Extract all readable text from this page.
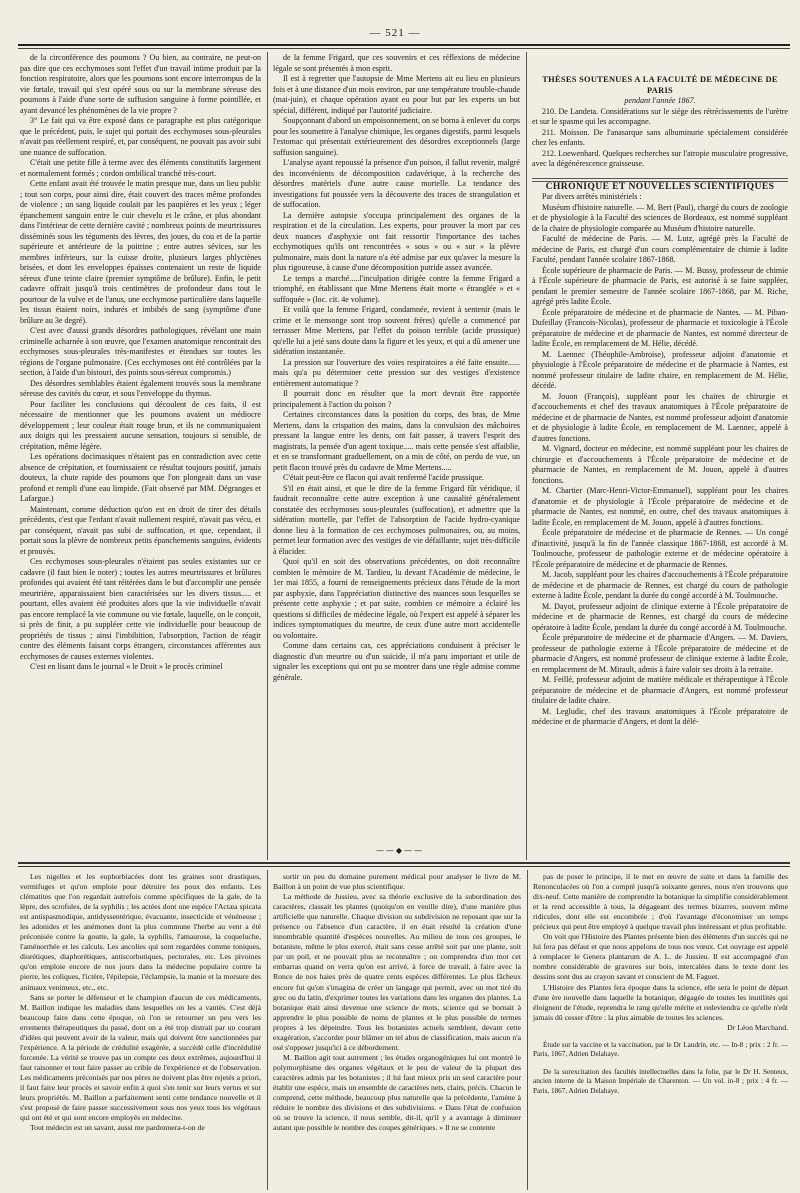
— 521 —

de la circonférence des poumons ? Ou bien, au contraire, ne peut-on pas dire que ces ecchymoses sont l'effet d'un travail intime produit par la fonction respiratoire, alors que les poumons sont encore interrompus de la vie fœtale, travail qui s'est opéré sous ou sur la membrane séreuse des poumons à l'aide d'une sorte de suffusion sanguine à forme pointillée, et ayant devancé les phénomènes de la vie propre ?

3° Le fait qui va être exposé dans ce paragraphe est plus catégorique que le précédent, puis, le sujet qui portait des ecchymoses sous-pleurales n'avait pas réellement respiré, et, par conséquent, ne pouvait pas avoir subi une nuance de suffocation.

C'était une petite fille à terme avec des éléments constitutifs largement et normalement formés ; cordon ombilical tranché très-court.

Cette enfant avait été trouvée le matin presque nue, dans un lieu public ; tout son corps, pour ainsi dire, était couvert des traces même profondes de violence ; un sang liquide coulait par les paupières et les yeux ; léger épanchement sanguin entre le cuir chevelu et le crâne, et plus abondant dans l'intérieur de cette dernière cavité ; nombreux points de meurtrissures disséminés sous les téguments des lèvres, des joues, du cou et de la partie supérieure et antérieure de la poitrine ; entre autres sévices, sur les membres inférieurs, sur la cuisse droite, plusieurs larges phlyctènes brisées, et dont les enveloppes épaisses contenaient un reste de liquide séreux d'une teinte claire (premier symptôme de brûlure). Enfin, le petit cadavre offrait jusqu'à trois centimètres de profondeur dans tout le pourtour de la vulve et de l'anus, une ecchymose particulière dans laquelle les tissus étaient noirs, indurés et imbibés de sang (symptôme d'une brûlure au 3e degré).

C'est avec d'aussi grands désordres pathologiques, révélant une main criminelle acharnée à son œuvre, que l'examen anatomique rencontrait des ecchymoses sous-pleurales très-manifestes et étendues sur toutes les régions de l'organe pulmonaire. (Ces ecchymoses ont été contrôlées par la section, à l'aide d'un bistouri, des points sous-séreux compromis.)

Des désordres semblables étaient également trouvés sous la membrane séreuse des cavités du cœur, et sous l'enveloppe du thymus.

Pour faciliter les conclusions qui découlent de ces faits, il est nécessaire de mentionner que les poumons avaient un médiocre développement ; leur couleur était rouge brun, et ils ne communiquaient aux doigts qui les pressaient aucune sensation, toujours si sensible, de crépitation, même légère.

Les opérations docimasiques n'étaient pas en contradiction avec cette absence de crépitation, et fournissaient ce résultat toujours positif, jamais douteux, la chute rapide des poumons que l'on plongeait dans un vase profond et rempli d'une eau limpide. (Fait observé par MM. Dégranges et Lafargue.)

Maintenant, comme déduction qu'on est en droit de tirer des détails précédents, c'est que l'enfant n'avait nullement respiré, n'avait pas vécu, et par conséquent, n'avait pas subi de suffocation, et que, cependant, il portait sous la plèvre de nombreux petits épanchements sanguins, évidents et prouvés.

Ces ecchymoses sous-pleurales n'étaient pas seules existantes sur ce cadavre (il faut bien le noter) ; toutes les autres meurtrissures et brûlures profondes qui avaient été tant réitérées dans le but d'accomplir une pensée meurtrière, apparaissaient bien caractérisées sur les divers tissus..... et pourtant, elles avaient été produites alors que la vie individuelle n'avait pas encore remplacé la vie commune ou vie fœtale, laquelle, on le conçoit, si près de finir, a pu suppléer cette vie individuelle pour beaucoup de propriétés de tissus ; ainsi l'imbibition, l'absorption, l'action de réagir contre des éléments faisant corps étrangers, circonstances afférentes aux ecchymoses de causes externes violentes.

C'est en lisant dans le journal « le Droit » le procès criminel

de la femme Frigard, que ces souvenirs et ces réflexions de médecine légale se sont présentés à mon esprit.

Il est à regretter que l'autopsie de Mme Mertens ait eu lieu en plusieurs fois et à une distance d'un mois environ, par une température trouble-chaude (mai-juin), et chaque opération ayant eu pour but par les experts un but spécial, différent, indiqué par l'autorité judiciaire.

Soupçonnant d'abord un empoisonnement, on se borna à enlever du corps pour les soumettre à l'analyse chimique, les organes digestifs, parmi lesquels l'estomac qui présentait extérieurement des désordres exceptionnels (large suffusion sanguine).

L'analyse ayant repoussé la présence d'un poison, il fallut revenir, malgré des inconvénients de décomposition cadavérique, à la recherche des désordres matériels d'une autre cause mortelle. La tendance des investigations fut poussée vers la découverte des traces de strangulation et de suffocation.

La dernière autopsie s'occupa principalement des organes de la respiration et de la circulation. Les experts, pour prouver la mort par ces deux nuances d'asphyxie ont fait ressortir l'importance des taches ecchymotiques qu'ils ont rencontrées « sous » ou « sur » la plèvre pulmonaire, mais dont la nature n'a été admise par eux qu'avec la mesure la plus rigoureuse, à cause d'une décomposition putride assez avancée.

Le temps a marché.....l'inculpation dirigée contre la femme Frigard a triomphé, en établissant que Mme Mertens était morte « étranglée » et « suffoquée » (loc. cit. 4e volume).

Et voilà que la femme Frigard, condamnée, revient à sentenir (mais le crime et le mensonge sont trop souvent frères) qu'elle a commencé par terrasser Mme Mertens, par l'effet du poison terrible (acide prussique) qu'elle lui a jeté sans doute dans la figure et les yeux, et qui a dû amener une sidération instantanée.

La pression sur l'ouverture des voies respiratoires a été faite ensuite...... mais qu'a pu déterminer cette pression sur des vestiges d'existence entièrement automatique ?

Il pourrait donc en résulter que la mort devrait être rapportée principalement à l'action du poison ?

Certaines circonstances dans la position du corps, des bras, de Mme Mertens, dans la crispation des mains, dans la convulsion des mâchoires pressant la langue entre les dents, ont fait passer, à travers l'esprit des magistrats, la pensée d'un agent toxique..... mais cette pensée s'est affaiblie, et en se transformant graduellement, on a mis de côté, on perdu de vue, un petit flacon trouvé près du cadavre de Mme Mertens.....

C'était peut-être ce flacon qui avait renfermé l'acide prussique.

S'il en était ainsi, et que le dire de la femme Frigard fût véridique, il faudrait reconnaître cette autre exception à une causalité généralement constatée des ecchymoses sous-pleurales (suffocation), et admettre que la sidération mortelle, par l'effet de l'absorption de l'acide hydro-cyanique donne lieu à la formation de ces ecchymoses pulmonaires, ou, au moins, permet leur formation avec des vestiges de vie défaillante, sujet très-difficile à élucider.

Quoi qu'il en soit des observations précédentes, on doit reconnaître combien le mémoire de M. Tardieu, lu devant l'Académie de médecine, le 1er mai 1855, a fourni de renseignements précieux dans l'étude de la mort par asphyxie, dans l'appréciation distinctive des nuances sous lesquelles se présente cette asphyxie ; et par suite, combien ce mémoire a éclairé les questions si difficiles de médecine légale, où l'expert est appelé à séparer les indices symptomatiques du meurtre, de ceux d'une autre mort accidentelle ou volontaire.

Comme dans certains cas, ces appréciations conduisent à préciser le diagnostic d'un meurtre ou d'un suicide, il m'a paru important et utile de signaler les exceptions qui ont pu se montrer dans une règle admise comme générale.

——◆——

THÈSES SOUTENUES A LA FACULTÉ DE MÉDECINE DE PARIS

pendant l'année 1867.

210. De Landeta. Considérations sur le siége des rétrécissements de l'urètre et sur le spasme qui les accompagne.

211. Moisson. De l'anasarque sans albuminurie spécialement considérée chez les enfants.

212. Loewenhard. Quelques recherches sur l'atropie musculaire progressive, avec la dégénérescence graisseuse.

CHRONIQUE ET NOUVELLES SCIENTIFIQUES

Par divers arrêtés ministériels :

Muséum d'histoire naturelle. — M. Bert (Paul), chargé du cours de zoologie et de physiologie à la Faculté des sciences de Bordeaux, est nommé suppléant de la chaire de physiologie comparée au Muséum d'histoire naturelle.

Faculté de médecine de Paris. — M. Lutz, agrégé près la Faculté de médecine de Paris, est chargé d'un cours complémentaire de chimie à ladite Faculté, pendant l'année scolaire 1867-1868.

École supérieure de pharmacie de Paris. — M. Bussy, professeur de chimie à l'École supérieure de pharmacie de Paris, est autorisé à se faire suppléer, pendant le premier semestre de l'année scolaire 1867-1868, par M. Riche, agrégé près ladite École.

École préparatoire de médecine et de pharmacie de Nantes. — M. Piban-Dufeillay (Francois-Nicolas), professeur de pharmacie et toxicologie à l'École préparatoire de médecine et de pharmacie de Nantes, est nommé directeur de ladite École, en remplacement de M. Hélie, décédé.

M. Laennec (Théophile-Ambroise), professeur adjoint d'anatomie et physiologie à l'École préparatoire de médecine et de pharmacie à Nantes, est nommé professeur titulaire de ladite chaire, en remplacement de M. Hélie, décédé.

M. Jouon (François), suppléant pour les chaires de chirurgie et d'accouchements et chef des travaux anatomiques à l'École préparatoire de médecine et de pharmacie de Nantes, est nommé professeur adjoint d'anatomie et de physiologie à ladite École, en remplacement de M. Laennec, appelé à d'autres fonctions.

M. Vignard, docteur en médecine, est nommé suppléant pour les chaires de chirurgie et d'accouchements à l'École préparatoire de médecine et de pharmacie de Nantes, en remplacement de M. Jouon, appelé à d'autres fonctions.

M. Chartier (Marc-Henri-Victor-Emmanuel), suppléant pour les chaires d'anatomie et de physiologie à l'École préparatoire de médecine et de pharmacie de Nantes, est nommé, en outre, chef des travaux anatomiques à ladite École, en remplacement de M. Jouon, appelé à d'autres fonctions.

École préparatoire de médecine et de pharmacie de Rennes. — Un congé d'inactivité, jusqu'à la fin de l'année classique 1867-1868, est accordé à M. Toulmouche, professeur de pathologie externe et de médecine opératoire à l'École préparatoire de médecine et de pharmacie de Rennes.

M. Jacob, suppléant pour les chaires d'accouchements à l'École préparatoire de médecine et de pharmacie de Rennes, est chargé du cours de pathologie externe à ladite École, pendant la durée du congé accordé à M. Toulmouche.

M. Dayot, professeur adjoint de clinique externe à l'École préparatoire de médecine et de pharmacie de Rennes, est chargé du cours de médecine opératoire à ladite École, pendant la durée du congé accordé à M. Toulmouche.

École préparatoire de médecine et de pharmacie d'Angers. — M. Daviers, professeur de pathologie externe à l'École préparatoire de médecine et de pharmacie d'Angers, est nommé professeur de clinique externe à ladite École, en remplacement de M. Mirault, admis à faire valoir ses droits à la retraite.

M. Feillé, professeur adjoint de matière médicale et thérapeutique à l'École préparatoire de médecine et de pharmacie d'Angers, est nommé professeur titulaire de ladite chaire.

M. Legludic, chef des travaux anatomiques à l'École préparatoire de médecine et de pharmacie d'Angers, et dont la délé-

Les nigelles et les euphorbiacées dont les graines sont drastiques, vermifuges et qu'on emploie pour détruire les poux des enfants. Les clématites que l'on regardait autrefois comme spécifiques de la gale, de la lèpre, des scrofules, de la syphilis ; les actées dont une espèce l'Actæa spicata est antispasmodique, antidyssentérique, évacuante, insecticide et vénéneuse ; les adonides et les anémones dont la plus commune l'herbe au vent a été préconisée contre la goutte, la gale, la syphilis, l'amaurose, la coqueluche, l'aménorrhée et les calculs. Les ancolies qui sont regardées comme toniques, diurétiques, diaphorétiques, antiscorbutiques, pectorales, etc. Les pivoines qu'on emploie encore de nos jours dans la médecine populaire contre la pierre, les coliques, l'ictère, l'épilepsie, l'éclampsie, la manie et la morsure des animaux venimeux, etc., etc.

Sans se porter le défenseur et le champion d'aucun de ces médicaments, M. Baillon indique les maladies dans lesquelles on les a vantés. C'est déjà beaucoup faire dans cette époque, où l'on se retourner un peu vers les errements thérapeutiques du passé, dont on a été trop distrait par un courant d'idées qui peuvent avoir de la valeur, mais qui doivent être sanctionnées par l'expérience. A la période de crédulité exagérée, a succédé celle d'incrédulité forcenée. La vérité se trouve pas un compte ces deux extrêmes, aujourd'hui il faut raisonner et tout faire passer au crible de l'expérience et de l'observation. Les médicaments préconisés par nos pères ne doivent plas être rejetés a priori, il faut faire leur procès et savoir enfin à quoi s'en tenir sur leurs vertus et sur leurs propriétés. M. Baillon a parfaitement senti cette tendance nouvelle et il s'est proposé de faire passer successivement sous nos yeux tous les végétaux qui ont été et qui sont encore employés en médecine.

Tout médecin est un savant, aussi me pardonnera-t-on de

sortir un peu du domaine purement médical pour analyser le livre de M. Baillon à un point de vue plus scientifique.

La méthode de Jussieu, avec sa théorie exclusive de la subordination des caractères, classait les plantes (quoiqu'on en veuille dire), d'une manière plus artificielle que naturelle. Chaque division ou subdivision ne reposant que sur la présence ou l'absence d'un caractère, il en était résulté la création d'une innombrable quantité d'espèces nouvelles. Au milieu de tous ces groupes, le botaniste, même le plus exercé, était sans cesse arrêté soit par une plante, soit par un poil, et ne pouvait plus se reconnaître ; on comprendra d'un mot cet embarras quand on verra qu'on est arrivé, à force de travail, à faire avec la Ronce de nos haies près de quatre cents espèces différentes. Le plus fâcheux encore fut qu'on s'imagina de créer un langage qui permit, avec un mot tiré du grec ou du latin, d'exprimer toutes les variations dans les organes des plantes. La botanique était ainsi devenue une science de mots, science qui se bornait à apprendre le plus possible de noms de plantes et le plus possible de termes propres à les dépeindre. Tous les botanistes actuels semblent, devant cette exagération, s'accorder pour blâmer un tel abus de classification, mais aucun n'a osé s'opposer jusqu'ici à ce débordement.

M. Baillon agit tout autrement ; les études organogéniques lui ont montré le polymorphisme des organes végétaux et le peu de valeur de la plupart des caractères admis par les botanistes ; il lui faut mieux pris un seul caractère pour établir une espèce, mais un ensemble de caractères nets, clairs, précis. Chacun le comprend, cette méthode, beaucoup plus naturelle que la précédente, l'amène à réduire le nombre des divisions et des subdivisions. « Dans l'état de confusion où se trouve la science, il nous semble, dit-il, qu'il y a avantage à diminuer autant que possible le nombre des coupes génériques. » Il ne se contente

pas de poser le principe, il le met en œuvre de suite et dans la famille des Renonculacées où l'on a compté jusqu'à soixante genres, nous n'en trouvons que dix-neuf. Cette manière de comprendre la botanique la simplifie considérablement et la rend accessible à tous, la dégageant des termes bizarres, souvent même ridicules, dont elle est encombrée ; d'où l'avantage d'économiser un temps précieux qui peut être employé à quelque travail plus intéressant et plus profitable.

On voit que l'Histoire des Plantes présente bien des éléments d'un succès qui ne lui fera pas défaut et que nous appelons de tous nos vœux. Cet ouvrage est appelé à remplacer le Genera plantarum de A. L. de Jussieu. Il est accompagné d'un nombre considérable de gravures sur bois, intercalées dans le texte dont les dessins sont dus au crayon savant et conscient de M. Faguet.

L'Histoire des Plantes fera époque dans la science, elle sera le point de départ d'une ère nouvelle dans laquelle la botanique, dégagée de toutes les inutilités qui éloignent de l'étude, reprendra le rang qu'elle mérite et redeviendra ce qu'elle n'eût jamais dû cesser d'être : la plus aimable de toutes les sciences.

Dr Léon Marchand.

Étude sur la vaccine et la vaccination, par le Dr Laudrin, etc. — In-8 ; prix : 2 fr. — Paris, 1867, Adrien Delahaye.

De la surexcitation des facultés intellectuelles dans la folie, par le Dr H. Senteux, ancien interne de la Maison Impériale de Charenton. — Un vol. in-8 ; prix : 4 fr. — Paris, 1867, Adrien Delahaye.
